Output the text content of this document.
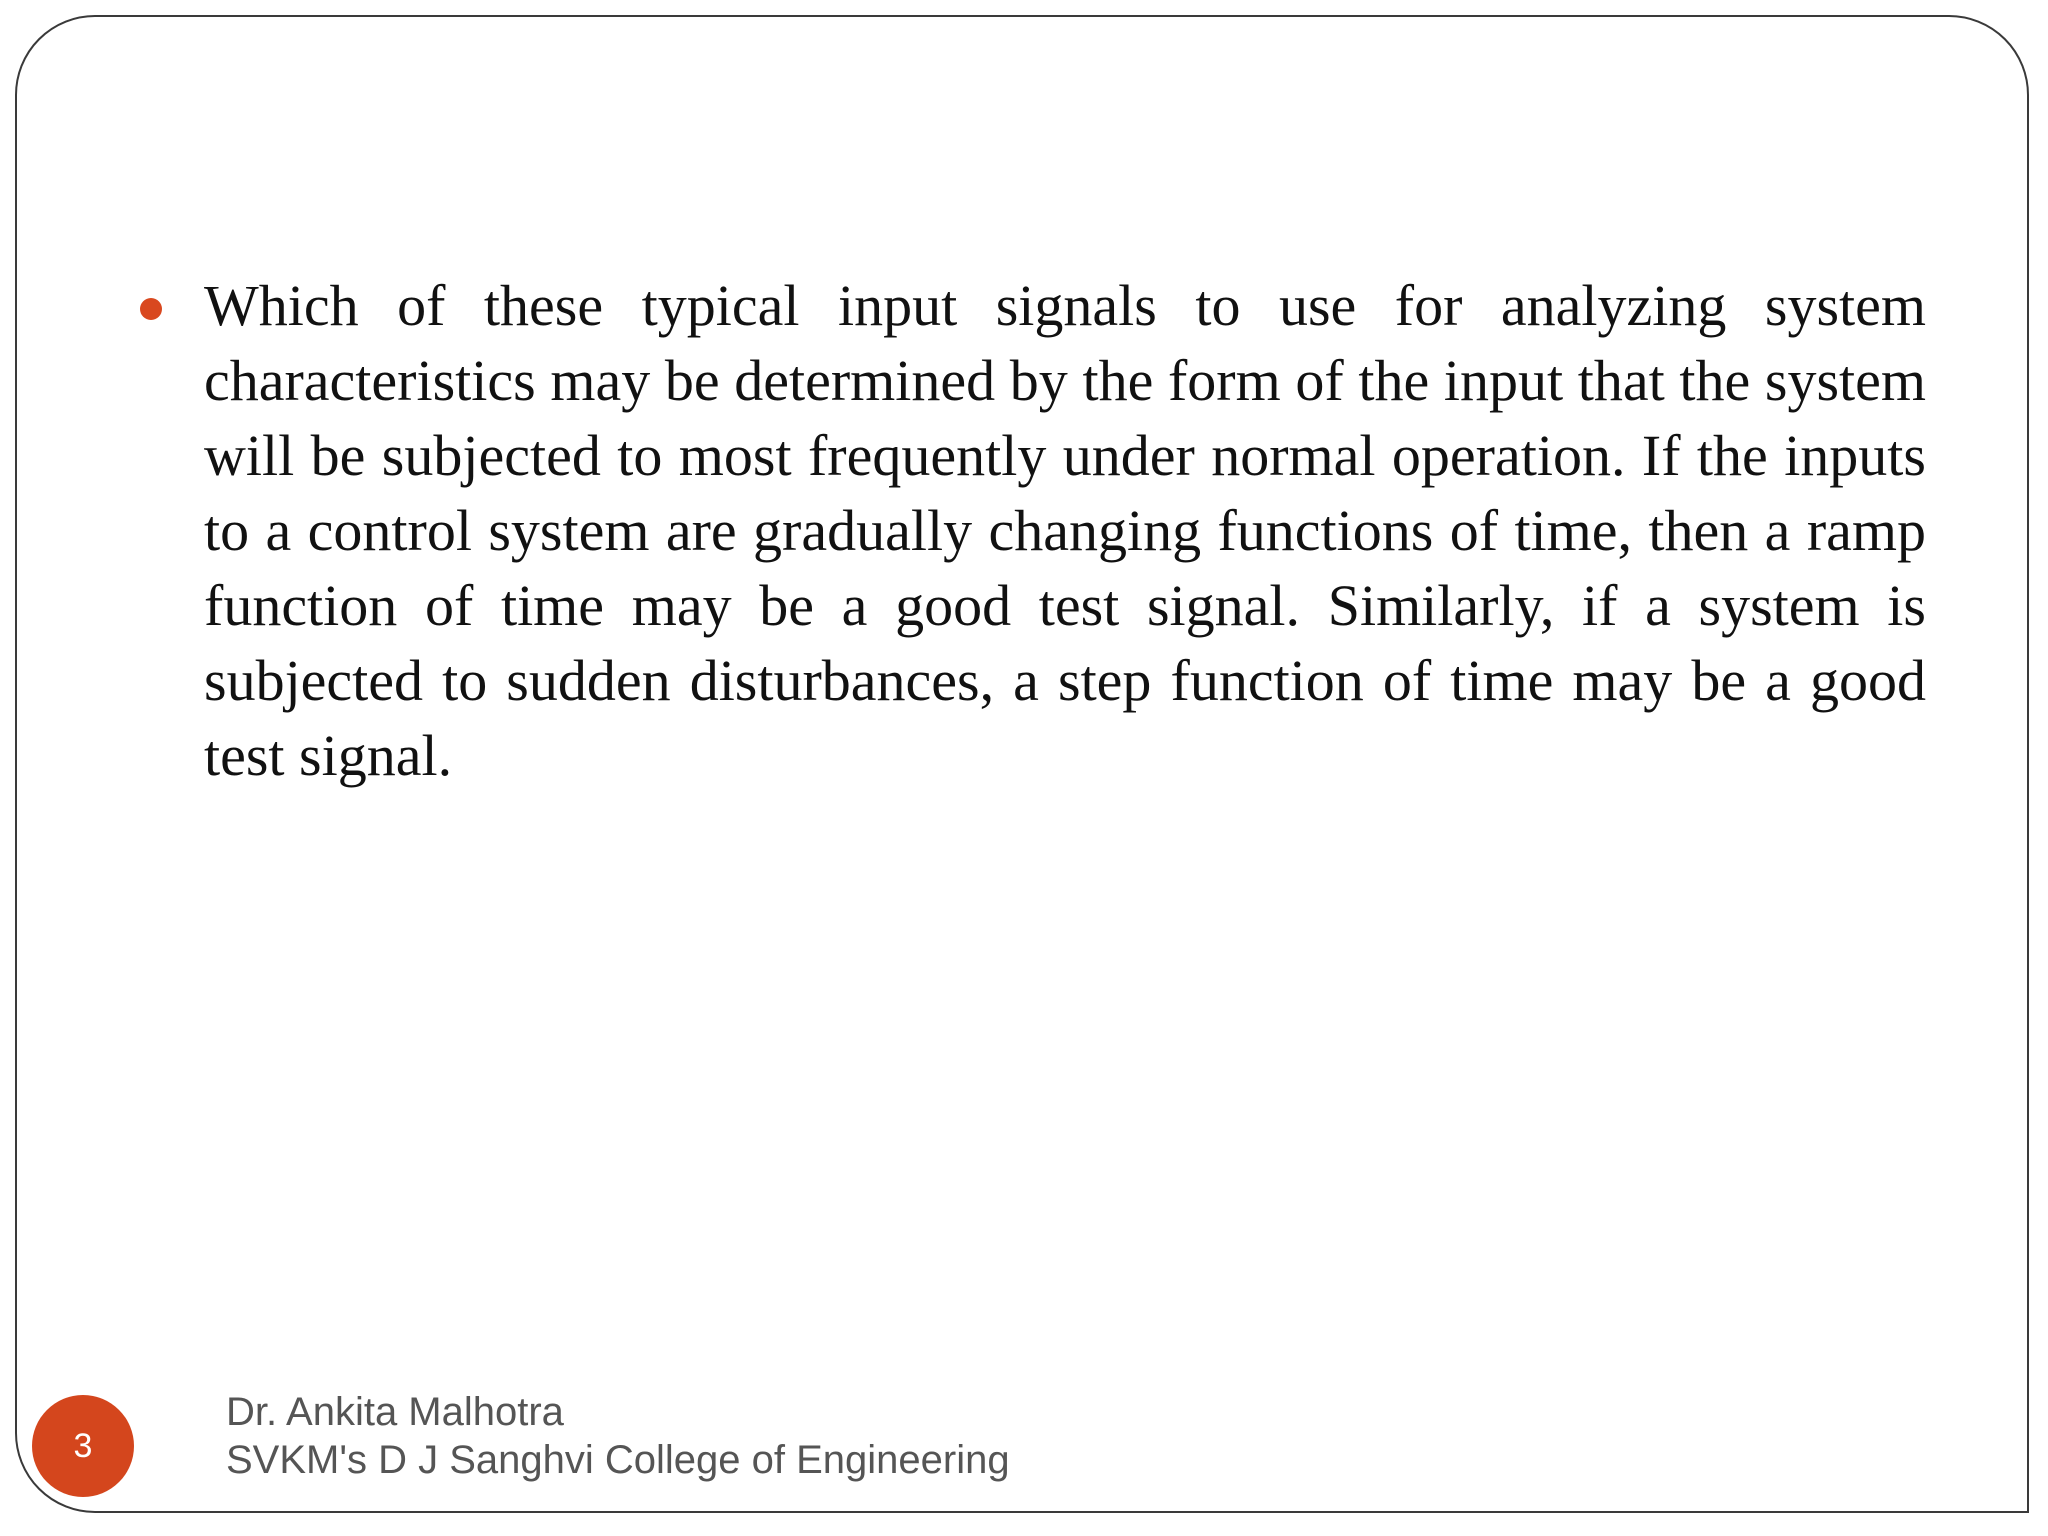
Which of these typical input signals to use for analyzing system characteristics may be determined by the form of the input that the system will be subjected to most frequently under normal operation. If the inputs to a control system are gradually changing functions of time, then a ramp function of time may be a good test signal. Similarly, if a system is subjected to sudden disturbances, a step function of time may be a good test signal.

3
Dr. Ankita Malhotra
SVKM's D J Sanghvi College of Engineering
